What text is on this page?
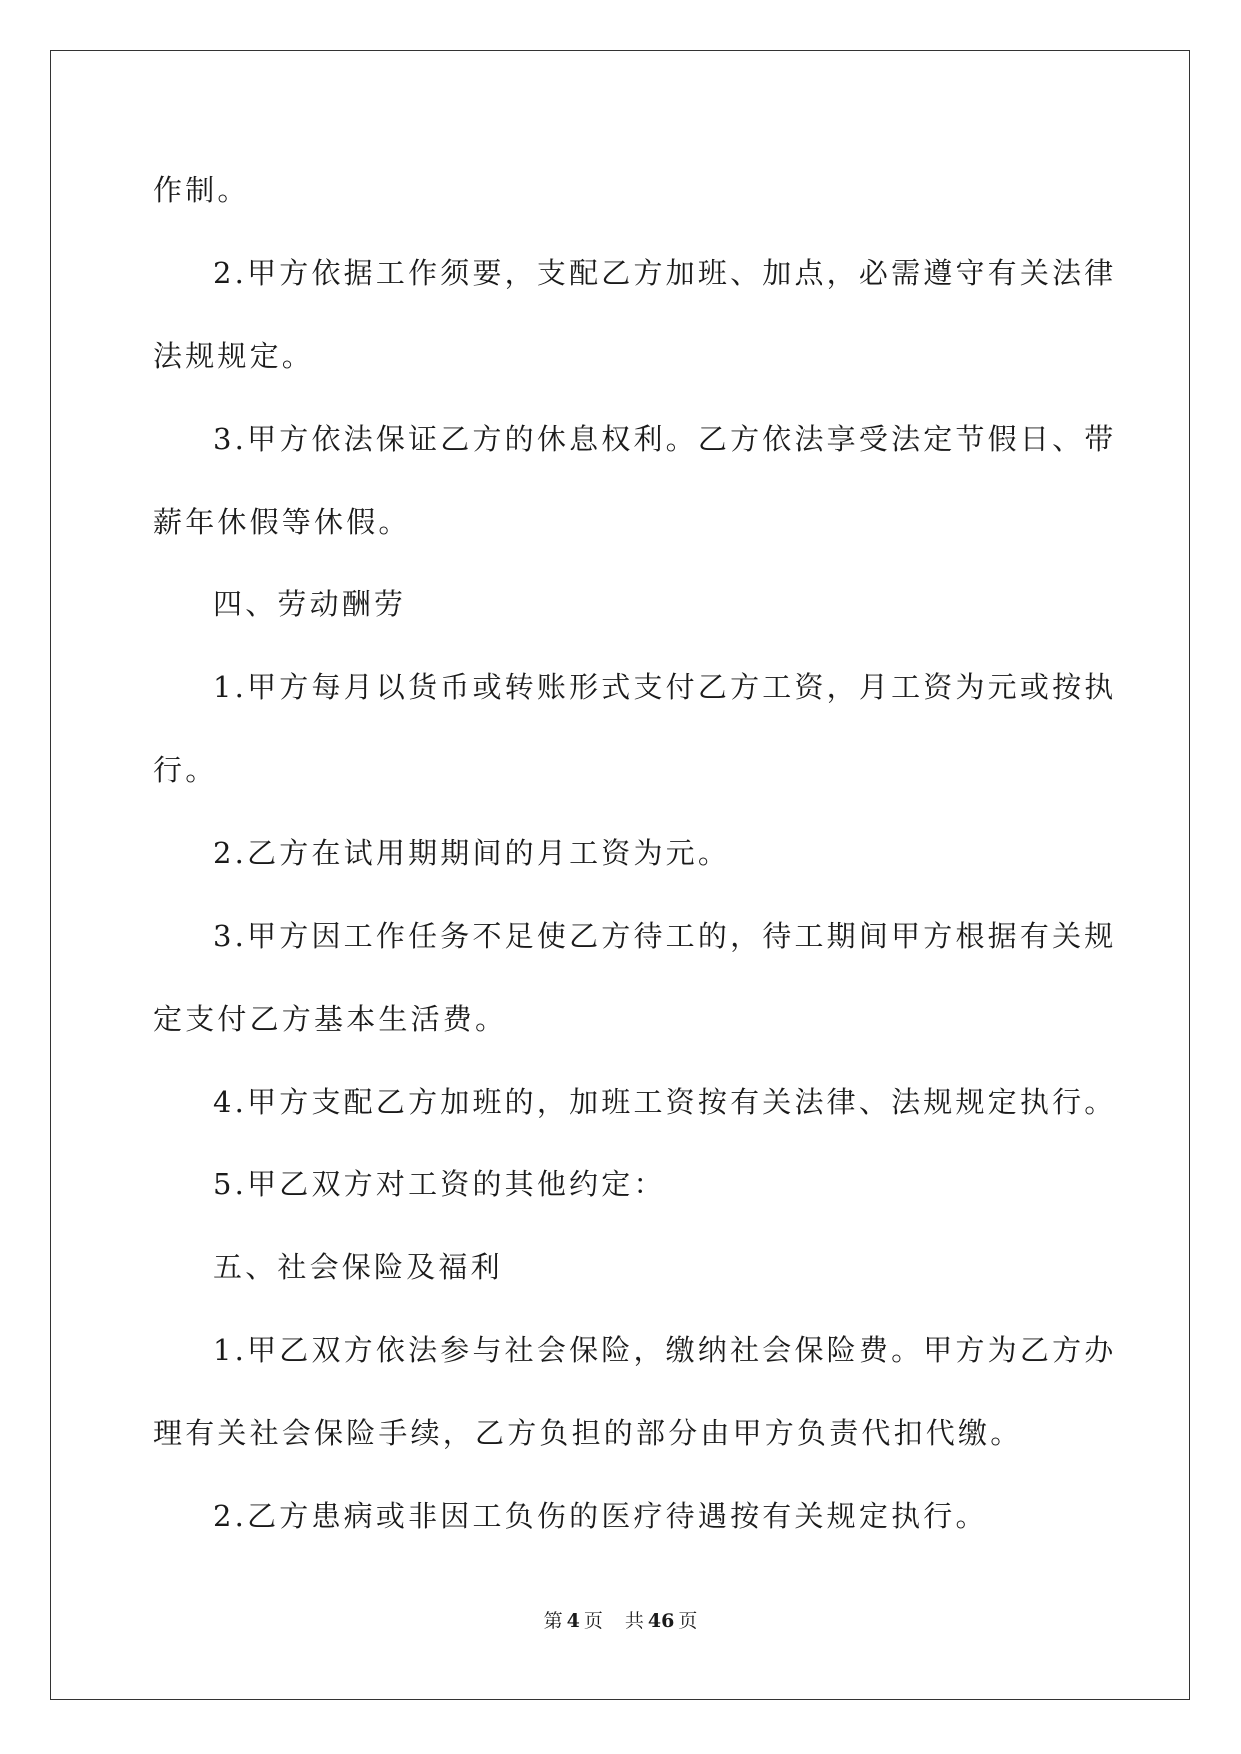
作制。
2.甲方依据工作须要，支配乙方加班、加点，必需遵守有关法律
法规规定。
3.甲方依法保证乙方的休息权利。乙方依法享受法定节假日、带
薪年休假等休假。
四、劳动酬劳
1.甲方每月以货币或转账形式支付乙方工资，月工资为元或按执
行。
2.乙方在试用期期间的月工资为元。
3.甲方因工作任务不足使乙方待工的，待工期间甲方根据有关规
定支付乙方基本生活费。
4.甲方支配乙方加班的，加班工资按有关法律、法规规定执行。
5.甲乙双方对工资的其他约定：
五、社会保险及福利
1.甲乙双方依法参与社会保险，缴纳社会保险费。甲方为乙方办
理有关社会保险手续，乙方负担的部分由甲方负责代扣代缴。
2.乙方患病或非因工负伤的医疗待遇按有关规定执行。
第 4 页 共 46 页
